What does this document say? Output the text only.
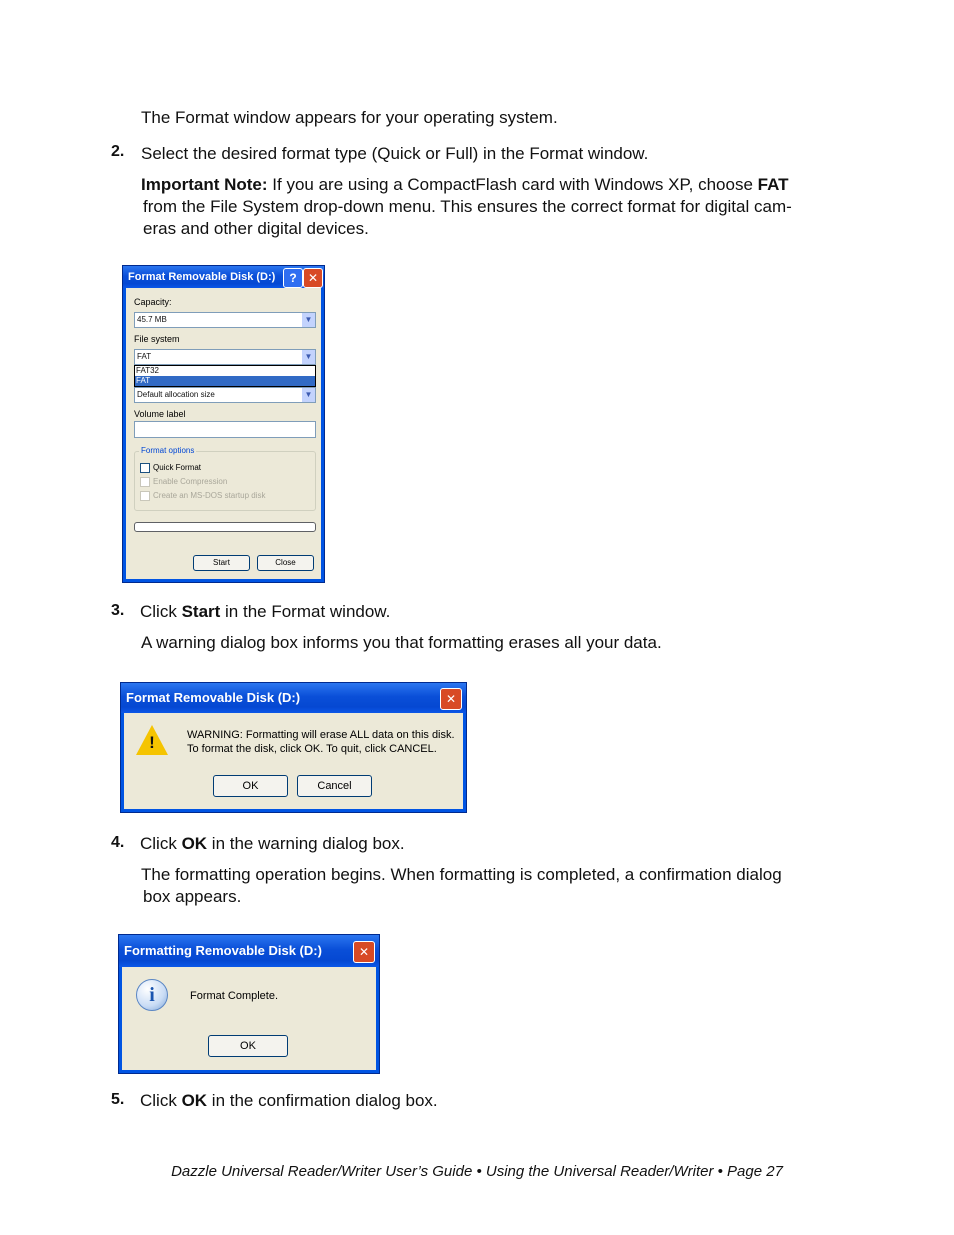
The Format window appears for your operating system.
2. Select the desired format type (Quick or Full) in the Format window.
Important Note: If you are using a CompactFlash card with Windows XP, choose FAT
from the File System drop-down menu. This ensures the correct format for digital cam-
eras and other digital devices.
Format Removable Disk (D:)	? ✕
Capacity:
45.7 MB	▼
File system
FAT	▼
FAT32
FAT
Default allocation size	▼
Volume label
Format options
Quick Format
Enable Compression
Create an MS-DOS startup disk
Start	Close
3. Click Start in the Format window.
A warning dialog box informs you that formatting erases all your data.
Format Removable Disk (D:)	✕
!	WARNING: Formatting will erase ALL data on this disk.
To format the disk, click OK. To quit, click CANCEL.
OK	Cancel
4. Click OK in the warning dialog box.
The formatting operation begins. When formatting is completed, a confirmation dialog
box appears.
Formatting Removable Disk (D:)	✕
i	Format Complete.
OK
5. Click OK in the confirmation dialog box.
Dazzle Universal Reader/Writer User’s Guide • Using the Universal Reader/Writer • Page 27
